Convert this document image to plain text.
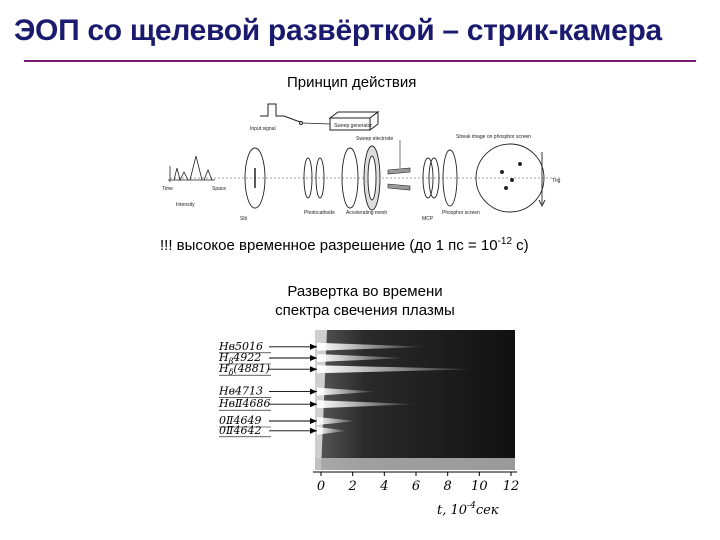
ЭОП со щелевой развёрткой – стрик-камера
Принцип действия
Input signal	Sweep generator
Sweep electrode	Streak image on phosphor screen
Time	Space
Intensity
Slit
Photocathode Accelerating mesh
MCP
Phosphor screen
Trig
!!! высокое временное разрешение (до 1 пс = $10^{-12}$ с)
Развертка во времени
спектра свечения плазмы
Hв5016
$H_\beta 4922$
$H_\delta(4881)$
Hв4713
HвⅡ4686
0Ⅱ4649
0Ⅱ4642
0 2 4 6 8 10 12
t, $10^{-4}сек$
